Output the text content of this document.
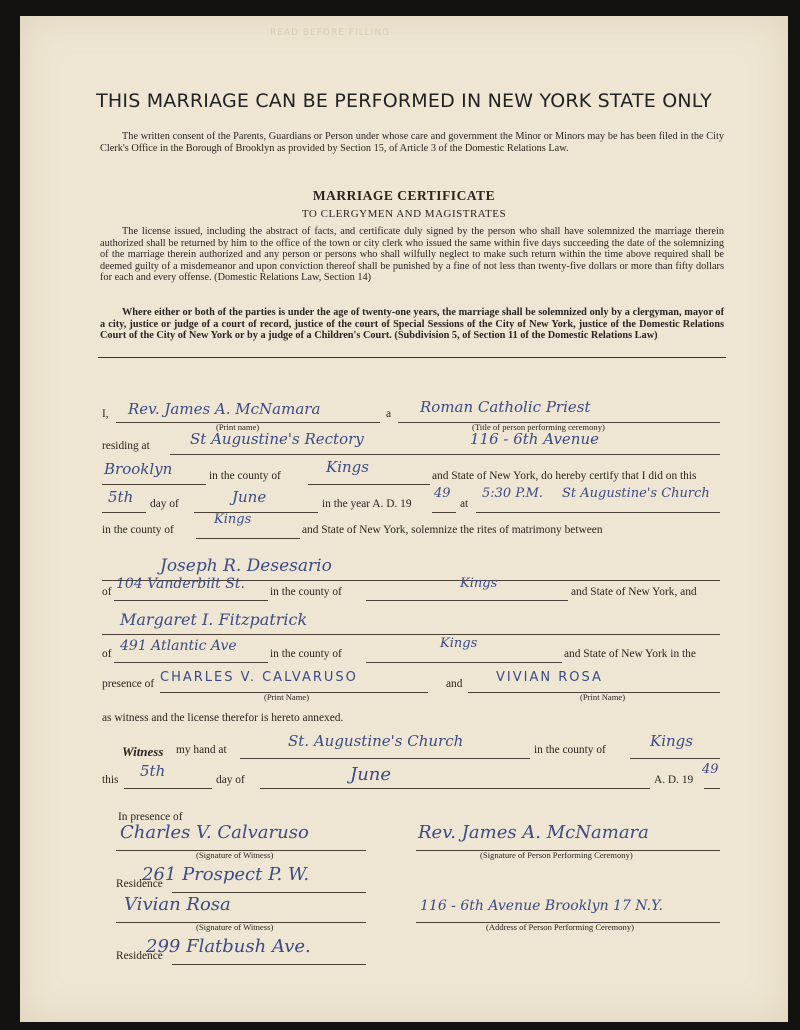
READ BEFORE FILLING
THIS MARRIAGE CAN BE PERFORMED IN NEW YORK STATE ONLY
The written consent of the Parents, Guardians or Person under whose care and government the Minor or Minors may be has been filed in the City Clerk's Office in the Borough of Brooklyn as provided by Section 15, of Article 3 of the Domestic Relations Law.
MARRIAGE CERTIFICATE
TO CLERGYMEN AND MAGISTRATES
The license issued, including the abstract of facts, and certificate duly signed by the person who shall have solemnized the marriage therein authorized shall be returned by him to the office of the town or city clerk who issued the same within five days succeeding the date of the solemnizing of the marriage therein authorized and any person or persons who shall wilfully neglect to make such return within the time above required shall be deemed guilty of a misdemeanor and upon conviction thereof shall be punished by a fine of not less than twenty-five dollars or more than fifty dollars for each and every offense. (Domestic Relations Law, Section 14)
Where either or both of the parties is under the age of twenty-one years, the marriage shall be solemnized only by a clergyman, mayor of a city, justice or judge of a court of record, justice of the court of Special Sessions of the City of New York, justice of the Domestic Relations Court of the City of New York or by a judge of a Children's Court. (Subdivision 5, of Section 11 of the Domestic Relations Law)
I, Rev. James A. McNamara	a Roman Catholic Priest
(Print name)	(Title of person performing ceremony)
residing at	St Augustine's Rectory	116 - 6th Avenue
Brooklyn	in the county of	Kings	and State of New York, do hereby certify that I did on this
5th day of	June	in the year A. D. 19
49
at
5:30 P.M. St Augustine's Church
in the county of
Kings
and State of New York, solemnize the rites of matrimony between
Joseph R. Desesario
of 104 Vanderbilt St. in the county of
Kings
and State of New York, and
Margaret I. Fitzpatrick
of 491 Atlantic Ave	in the county of
Kings
and State of New York in the
presence of CHARLES V. CALVARUSO	and	VIVIAN ROSA
(Print Name)	(Print Name)
as witness and the license therefor is hereto annexed.
Witness my hand at	St. Augustine's Church	in the county of	Kings
this 5th	day of	June	A. D. 19
49
In presence of
Charles V. Calvaruso
(Signature of Witness)
Rev. James A. McNamara
(Signature of Person Performing Ceremony)
Residence
261 Prospect P. W.
Vivian Rosa
(Signature of Witness)
116 - 6th Avenue Brooklyn 17 N.Y.
(Address of Person Performing Ceremony)
Residence
299 Flatbush Ave.
